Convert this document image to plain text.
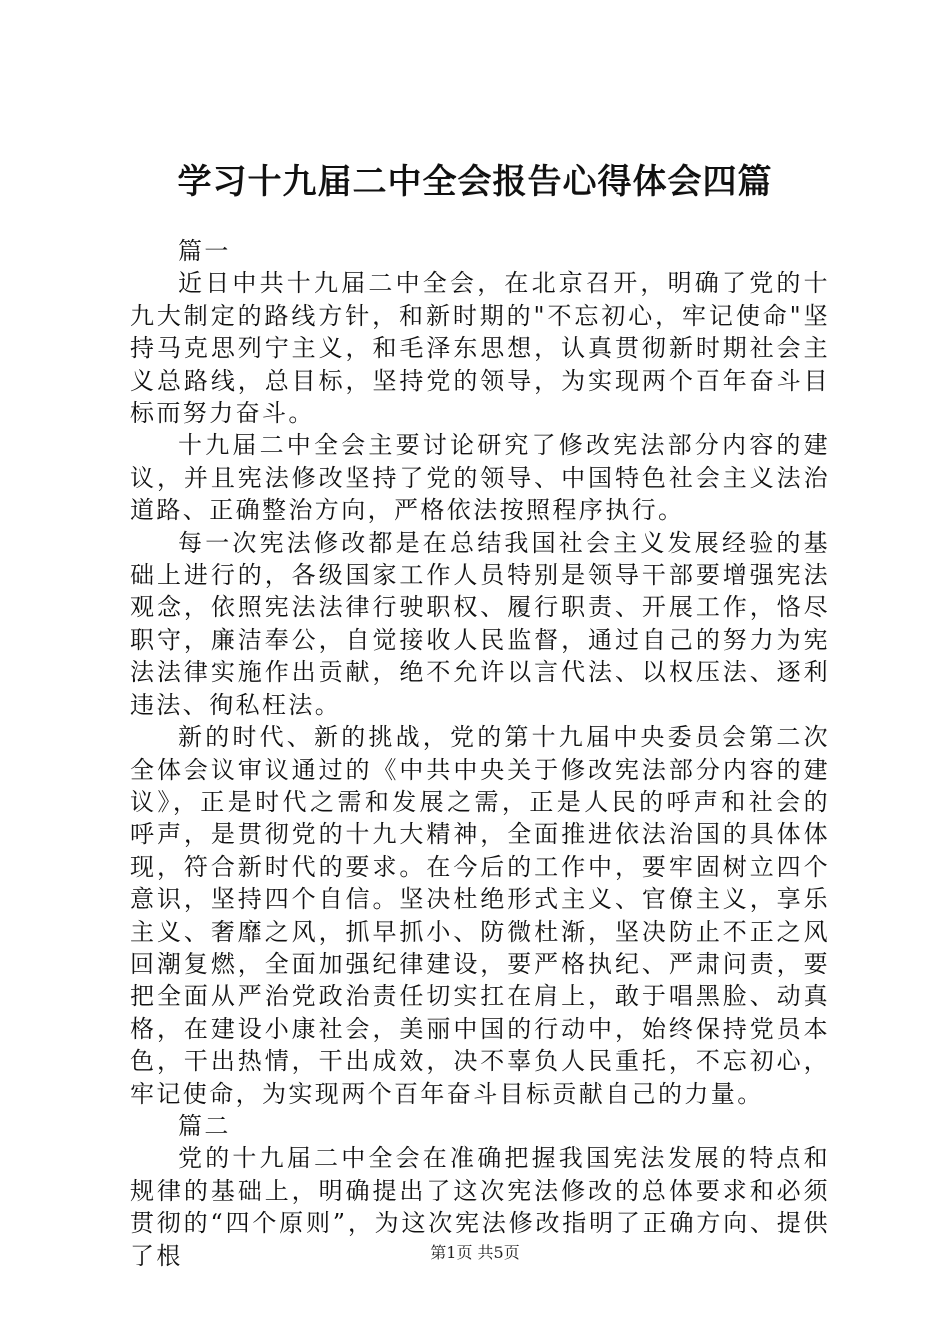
学习十九届二中全会报告心得体会四篇

篇一

近日中共十九届二中全会，在北京召开，明确了党的十九大制定的路线方针，和新时期的"不忘初心，牢记使命"坚持马克思列宁主义，和毛泽东思想，认真贯彻新时期社会主义总路线，总目标，坚持党的领导，为实现两个百年奋斗目标而努力奋斗。

十九届二中全会主要讨论研究了修改宪法部分内容的建议，并且宪法修改坚持了党的领导、中国特色社会主义法治道路、正确整治方向，严格依法按照程序执行。

每一次宪法修改都是在总结我国社会主义发展经验的基础上进行的，各级国家工作人员特别是领导干部要增强宪法观念，依照宪法法律行驶职权、履行职责、开展工作，恪尽职守，廉洁奉公，自觉接收人民监督，通过自己的努力为宪法法律实施作出贡献，绝不允许以言代法、以权压法、逐利违法、徇私枉法。

新的时代、新的挑战，党的第十九届中央委员会第二次全体会议审议通过的《中共中央关于修改宪法部分内容的建议》，正是时代之需和发展之需，正是人民的呼声和社会的呼声，是贯彻党的十九大精神，全面推进依法治国的具体体现，符合新时代的要求。在今后的工作中，要牢固树立四个意识，坚持四个自信。坚决杜绝形式主义、官僚主义，享乐主义、奢靡之风，抓早抓小、防微杜渐，坚决防止不正之风回潮复燃，全面加强纪律建设，要严格执纪、严肃问责，要把全面从严治党政治责任切实扛在肩上，敢于唱黑脸、动真格，在建设小康社会，美丽中国的行动中，始终保持党员本色，干出热情，干出成效，决不辜负人民重托，不忘初心，牢记使命，为实现两个百年奋斗目标贡献自己的力量。

篇二

党的十九届二中全会在准确把握我国宪法发展的特点和规律的基础上，明确提出了这次宪法修改的总体要求和必须贯彻的“四个原则”，为这次宪法修改指明了正确方向、提供了根	第1页 共5页
